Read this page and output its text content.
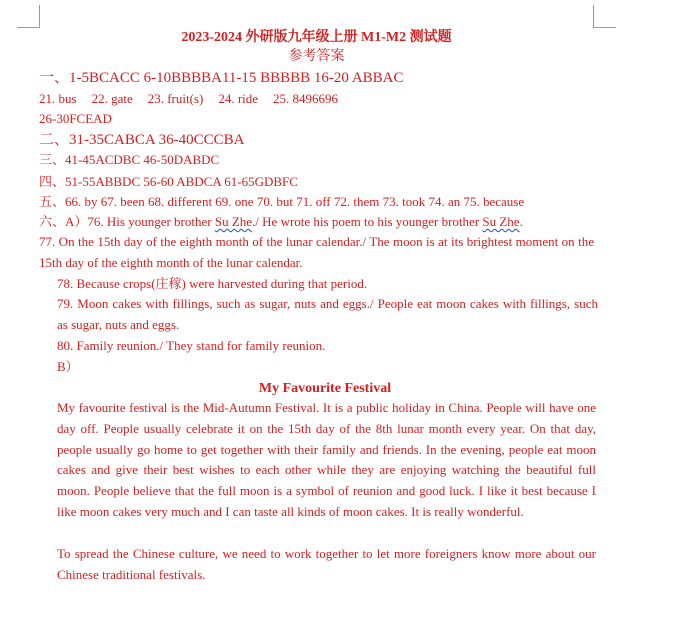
2023-2024 外研版九年级上册 M1-M2 测试题
参考答案
一、1-5BCACC 6-10BBBBA11-15 BBBBB 16-20 ABBAC
21. bus 22. gate 23. fruit(s) 24. ride 25. 8496696
26-30FCEAD
二、31-35CABCA 36-40CCCBA
三、41-45ACDBC 46-50DABDC
四、51-55ABBDC 56-60 ABDCA 61-65GDBFC
五、66. by 67. been 68. different 69. one 70. but 71. off 72. them 73. took 74. an 75. because
六、A）76. His younger brother Su Zhe./ He wrote his poem to his younger brother Su Zhe.
77. On the 15th day of the eighth month of the lunar calendar./ The moon is at its brightest moment on the 15th day of the eighth month of the lunar calendar.
78. Because crops(庄稼) were harvested during that period.
79. Moon cakes with fillings, such as sugar, nuts and eggs./ People eat moon cakes with fillings, such as sugar, nuts and eggs.
80. Family reunion./ They stand for family reunion.
B）
My Favourite Festival
My favourite festival is the Mid-Autumn Festival. It is a public holiday in China. People will have one day off. People usually celebrate it on the 15th day of the 8th lunar month every year. On that day, people usually go home to get together with their family and friends. In the evening, people eat moon cakes and give their best wishes to each other while they are enjoying watching the beautiful full moon. People believe that the full moon is a symbol of reunion and good luck. I like it best because I like moon cakes very much and I can taste all kinds of moon cakes. It is really wonderful.
To spread the Chinese culture, we need to work together to let more foreigners know more about our Chinese traditional festivals.
